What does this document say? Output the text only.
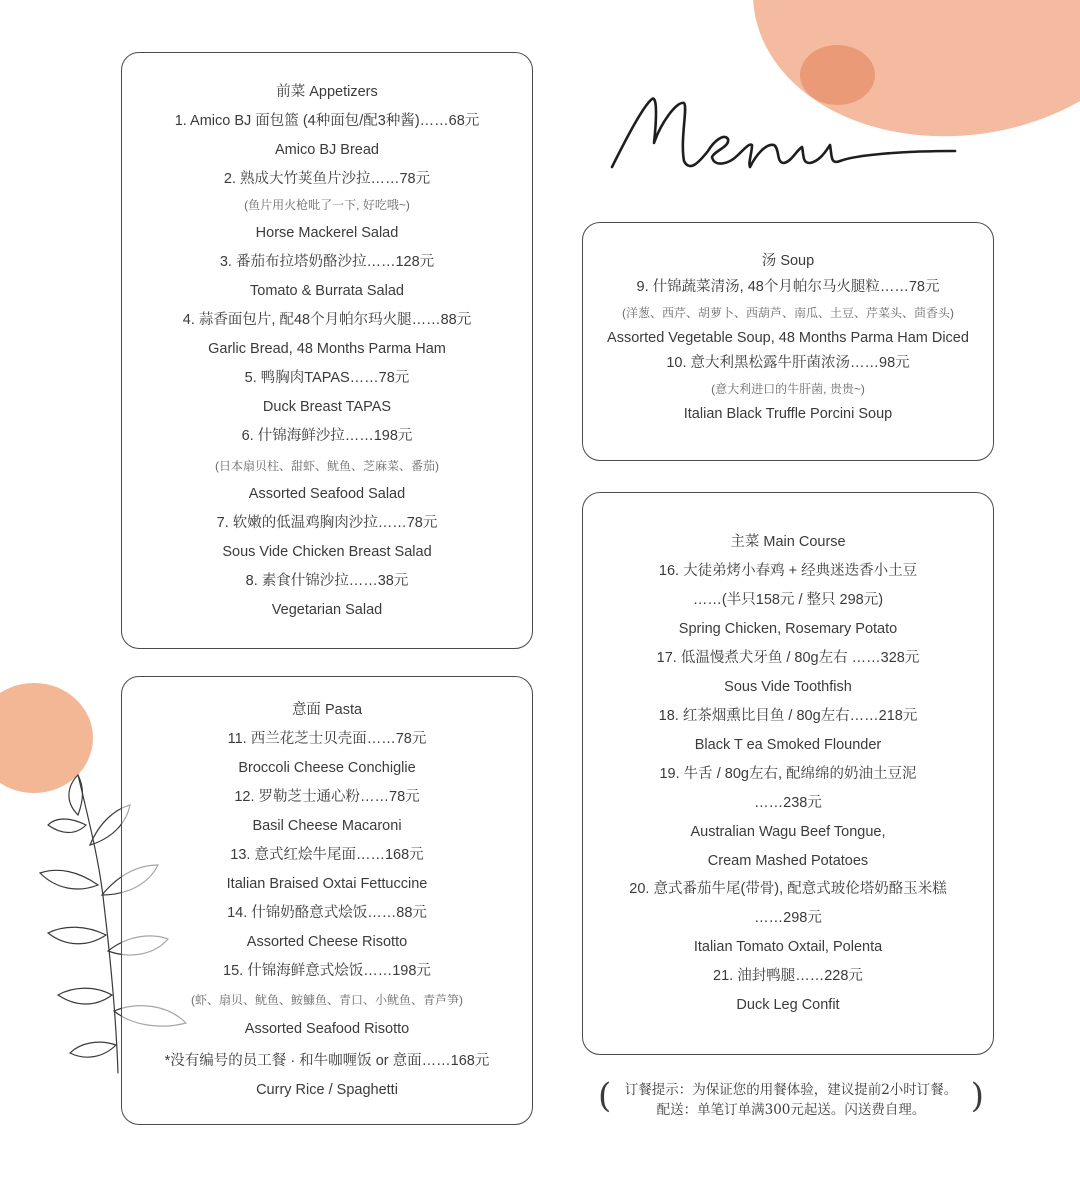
前菜 Appetizers
1. Amico BJ 面包篮 (4种面包/配3种酱)……68元
Amico BJ Bread
2. 熟成大竹荚鱼片沙拉……78元
(鱼片用火枪吡了一下, 好吃哦~)
Horse Mackerel Salad
3. 番茄布拉塔奶酪沙拉……128元
Tomato & Burrata Salad
4. 蒜香面包片, 配48个月帕尔玛火腿……88元
Garlic Bread, 48 Months Parma Ham
5. 鸭胸肉TAPAS……78元
Duck Breast TAPAS
6. 什锦海鲜沙拉……198元
(日本扇贝柱、甜虾、鱿鱼、芝麻菜、番茄)
Assorted Seafood Salad
7. 软嫩的低温鸡胸肉沙拉……78元
Sous Vide Chicken Breast Salad
8. 素食什锦沙拉……38元
Vegetarian Salad
意面 Pasta
11. 西兰花芝士贝壳面……78元
Broccoli Cheese Conchiglie
12. 罗勒芝士通心粉……78元
Basil Cheese Macaroni
13. 意式红烩牛尾面……168元
Italian Braised Oxtai Fettuccine
14. 什锦奶酪意式烩饭……88元
Assorted Cheese Risotto
15. 什锦海鲜意式烩饭……198元
(虾、扇贝、鱿鱼、鮟鱇鱼、青口、小鱿鱼、青芦笋)
Assorted Seafood Risotto
*没有编号的员工餐 · 和牛咖喱饭 or 意面……168元
Curry Rice / Spaghetti
汤 Soup
9. 什锦蔬菜清汤, 48个月帕尔马火腿粒……78元
(洋葱、西芹、胡萝卜、西葫芦、南瓜、土豆、芹菜头、茴香头)
Assorted Vegetable Soup, 48 Months Parma Ham Diced
10. 意大利黑松露牛肝菌浓汤……98元
(意大利进口的牛肝菌, 贵贵~)
Italian Black Truffle Porcini Soup
主菜 Main Course
16. 大徒弟烤小春鸡 + 经典迷迭香小土豆
……(半只158元 / 整只 298元)
Spring Chicken, Rosemary Potato
17. 低温慢煮犬牙鱼 / 80g左右 ……328元
Sous Vide Toothfish
18. 红茶烟熏比目鱼 / 80g左右……218元
Black T ea Smoked Flounder
19. 牛舌 / 80g左右, 配绵绵的奶油土豆泥
……238元
Australian Wagu Beef Tongue,
Cream Mashed Potatoes
20. 意式番茄牛尾(带骨), 配意式玻伦塔奶酪玉米糕
……298元
Italian Tomato Oxtail, Polenta
21. 油封鸭腿……228元
Duck Leg Confit
( 订餐提示：为保证您的用餐体验，建议提前2小时订餐。
配送：单笔订单满300元起送。闪送费自理。	)
